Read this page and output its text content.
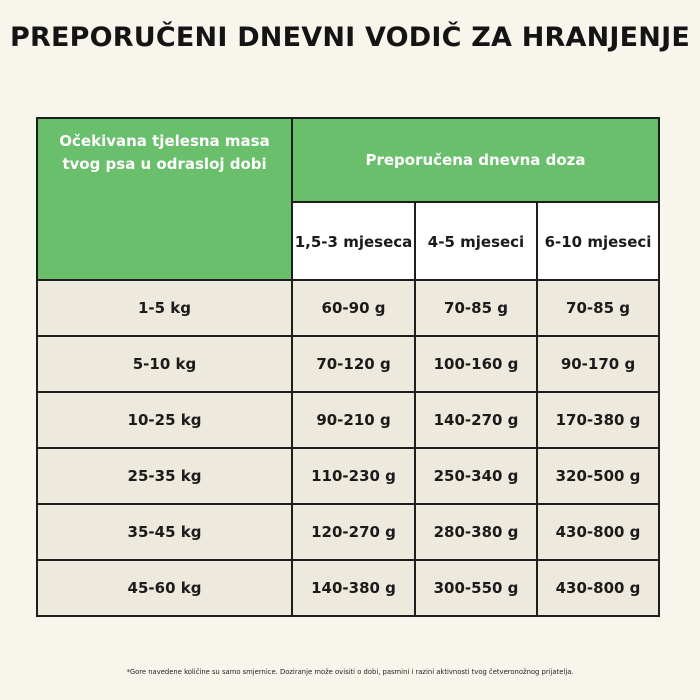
PREPORUČENI DNEVNI VODIČ ZA HRANJENJE
Očekivana tjelesna masa tvog psa u odrasloj dobi	Preporučena dnevna doza		
	1,5-3 mjeseca	4-5 mjeseci	6-10 mjeseci
1-5 kg	60-90 g	70-85 g	70-85 g
5-10 kg	70-120 g	100-160 g	90-170 g
10-25 kg	90-210 g	140-270 g	170-380 g
25-35 kg	110-230 g	250-340 g	320-500 g
35-45 kg	120-270 g	280-380 g	430-800 g
45-60 kg	140-380 g	300-550 g	430-800 g
*Gore navedene količine su samo smjernice. Doziranje može ovisiti o dobi, pasmini i razini aktivnosti tvog četveronožnog prijatelja.
